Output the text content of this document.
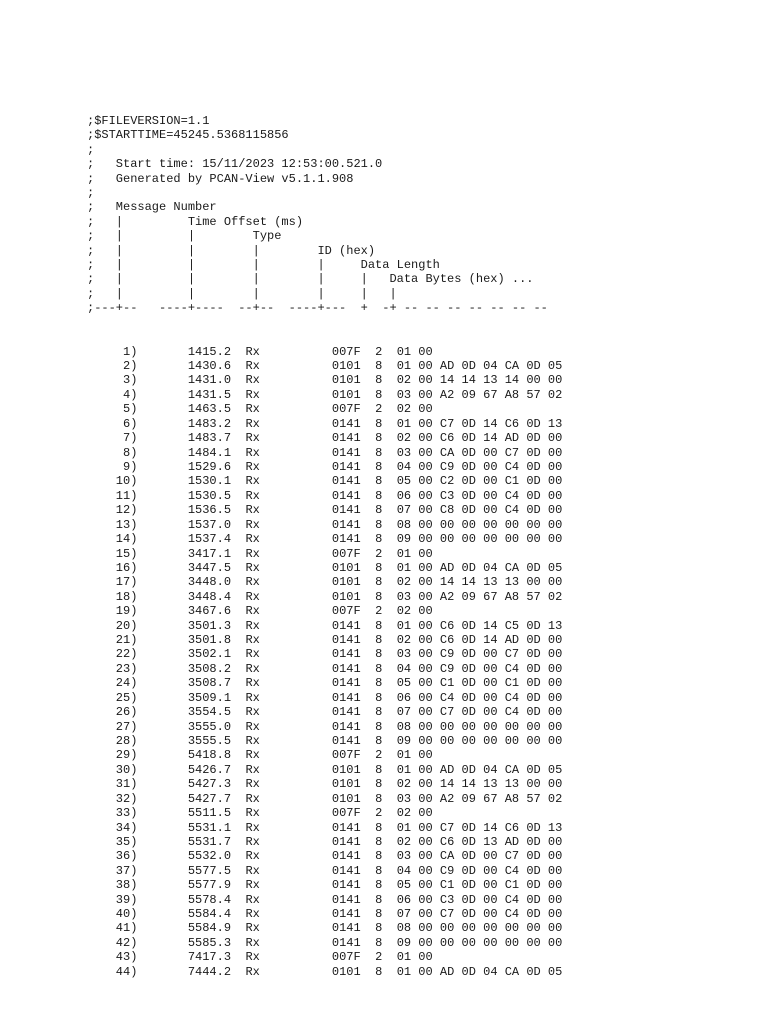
;$FILEVERSION=1.1
;$STARTTIME=45245.5368115856
;
;   Start time: 15/11/2023 12:53:00.521.0
;   Generated by PCAN-View v5.1.1.908
;
;   Message Number
;   |         Time Offset (ms)
;   |         |        Type
;   |         |        |        ID (hex)
;   |         |        |        |     Data Length
;   |         |        |        |     |   Data Bytes (hex) ...
;   |         |        |        |     |   |
;---+--   ----+----  --+--  ----+---  +  -+ -- -- -- -- -- -- --

1)       1415.2  Rx          007F  2  01 00
2)       1430.6  Rx          0101  8  01 00 AD 0D 04 CA 0D 05
3)       1431.0  Rx          0101  8  02 00 14 14 13 14 00 00
4)       1431.5  Rx          0101  8  03 00 A2 09 67 A8 57 02
5)       1463.5  Rx          007F  2  02 00
6)       1483.2  Rx          0141  8  01 00 C7 0D 14 C6 0D 13
7)       1483.7  Rx          0141  8  02 00 C6 0D 14 AD 0D 00
8)       1484.1  Rx          0141  8  03 00 CA 0D 00 C7 0D 00
9)       1529.6  Rx          0141  8  04 00 C9 0D 00 C4 0D 00
10)       1530.1  Rx          0141  8  05 00 C2 0D 00 C1 0D 00
11)       1530.5  Rx          0141  8  06 00 C3 0D 00 C4 0D 00
12)       1536.5  Rx          0141  8  07 00 C8 0D 00 C4 0D 00
13)       1537.0  Rx          0141  8  08 00 00 00 00 00 00 00
14)       1537.4  Rx          0141  8  09 00 00 00 00 00 00 00
15)       3417.1  Rx          007F  2  01 00
16)       3447.5  Rx          0101  8  01 00 AD 0D 04 CA 0D 05
17)       3448.0  Rx          0101  8  02 00 14 14 13 13 00 00
18)       3448.4  Rx          0101  8  03 00 A2 09 67 A8 57 02
19)       3467.6  Rx          007F  2  02 00
20)       3501.3  Rx          0141  8  01 00 C6 0D 14 C5 0D 13
21)       3501.8  Rx          0141  8  02 00 C6 0D 14 AD 0D 00
22)       3502.1  Rx          0141  8  03 00 C9 0D 00 C7 0D 00
23)       3508.2  Rx          0141  8  04 00 C9 0D 00 C4 0D 00
24)       3508.7  Rx          0141  8  05 00 C1 0D 00 C1 0D 00
25)       3509.1  Rx          0141  8  06 00 C4 0D 00 C4 0D 00
26)       3554.5  Rx          0141  8  07 00 C7 0D 00 C4 0D 00
27)       3555.0  Rx          0141  8  08 00 00 00 00 00 00 00
28)       3555.5  Rx          0141  8  09 00 00 00 00 00 00 00
29)       5418.8  Rx          007F  2  01 00
30)       5426.7  Rx          0101  8  01 00 AD 0D 04 CA 0D 05
31)       5427.3  Rx          0101  8  02 00 14 14 13 13 00 00
32)       5427.7  Rx          0101  8  03 00 A2 09 67 A8 57 02
33)       5511.5  Rx          007F  2  02 00
34)       5531.1  Rx          0141  8  01 00 C7 0D 14 C6 0D 13
35)       5531.7  Rx          0141  8  02 00 C6 0D 13 AD 0D 00
36)       5532.0  Rx          0141  8  03 00 CA 0D 00 C7 0D 00
37)       5577.5  Rx          0141  8  04 00 C9 0D 00 C4 0D 00
38)       5577.9  Rx          0141  8  05 00 C1 0D 00 C1 0D 00
39)       5578.4  Rx          0141  8  06 00 C3 0D 00 C4 0D 00
40)       5584.4  Rx          0141  8  07 00 C7 0D 00 C4 0D 00
41)       5584.9  Rx          0141  8  08 00 00 00 00 00 00 00
42)       5585.3  Rx          0141  8  09 00 00 00 00 00 00 00
43)       7417.3  Rx          007F  2  01 00
44)       7444.2  Rx          0101  8  01 00 AD 0D 04 CA 0D 05
